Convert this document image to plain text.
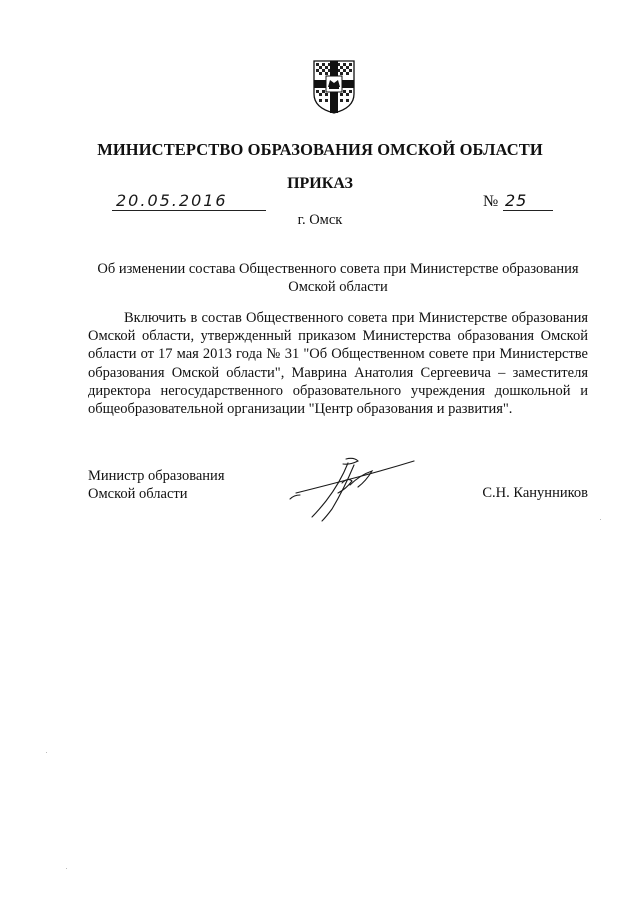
МИНИСТЕРСТВО ОБРАЗОВАНИЯ ОМСКОЙ ОБЛАСТИ
ПРИКАЗ
20.05.2016	№ 25
г. Омск
Об изменении состава Общественного совета при Министерстве образования
Омской области
Включить в состав Общественного совета при Министерстве образования Омской области, утвержденный приказом Министерства образования Омской области от 17 мая 2013 года № 31 "Об Общественном совете при Министерстве образования Омской области", Маврина Анатолия Сергеевича – заместителя директора негосударственного образовательного учреждения дошкольной и общеобразовательной организации "Центр образования и развития".
Министр образования
Омской области	С.Н. Канунников
